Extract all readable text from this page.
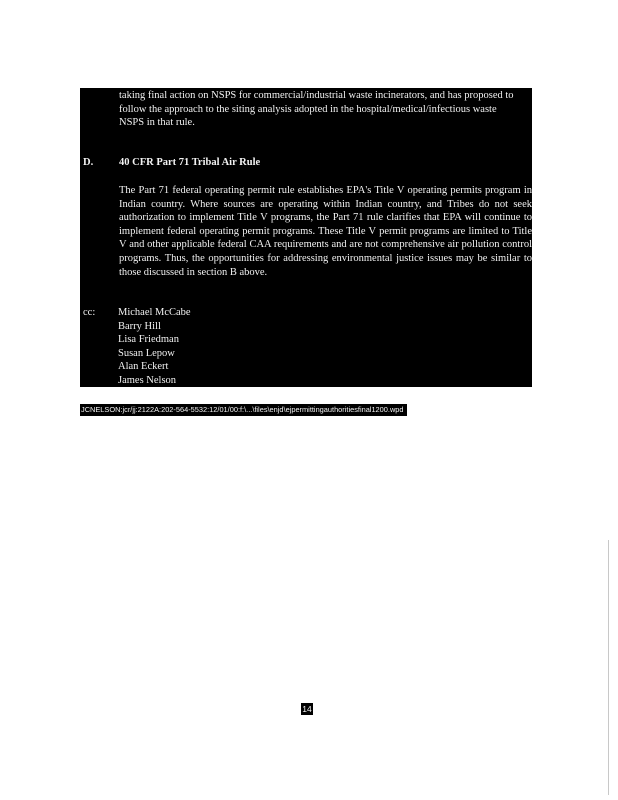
taking final action on NSPS for commercial/industrial waste incinerators, and has proposed to follow the approach to the siting analysis adopted in the hospital/medical/infectious waste NSPS in that rule.
D. 40 CFR Part 71 Tribal Air Rule
The Part 71 federal operating permit rule establishes EPA's Title V operating permits program in Indian country. Where sources are operating within Indian country, and Tribes do not seek authorization to implement Title V programs, the Part 71 rule clarifies that EPA will continue to implement federal operating permit programs. These Title V permit programs are limited to Title V and other applicable federal CAA requirements and are not comprehensive air pollution control programs. Thus, the opportunities for addressing environmental justice issues may be similar to those discussed in section B above.
cc: Michael McCabe
Barry Hill
Lisa Friedman
Susan Lepow
Alan Eckert
James Nelson
JCNELSON:jcr/jj:2122A:202-564-5532:12/01/00:f:\...\files\enjd\ejpermittingauthoritiesfinal1200.wpd
14
